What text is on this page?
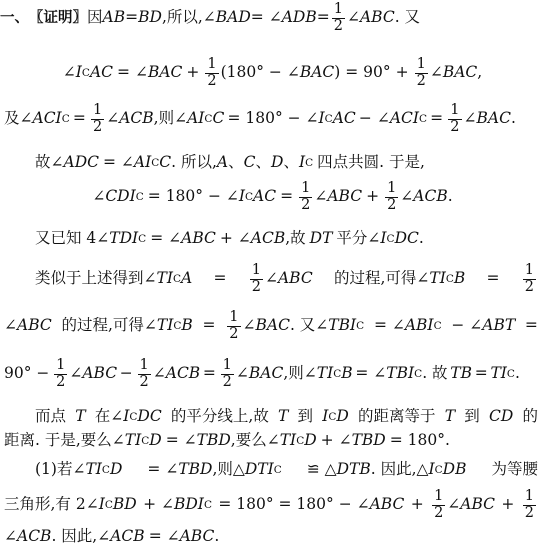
一、 〖证明〗 因 AB = BD ,所以,∠ BAD = ∠ ADB = $\frac{1}{2}$ ∠ ABC . 又
∠ I C AC = ∠ BAC + $\frac{1}{2} (180^\circ$ − ∠ BAC ) = $90^\circ + \frac{1}{2}$ ∠ BAC ,
及∠ ACI $C = \frac{1}{2}$ ∠ ACB ,则∠ AI C C = 180° − ∠ I C AC − ∠ ACI $C = \frac{1}{2}$ ∠ BAC .
故∠ ADC = ∠ AI C C . 所以, A 、 C 、 D 、 I C 四点共圆. 于是,
∠ CDI C = 180° − ∠ I C AC = $\frac{1}{2}$ ∠ ABC + $\frac{1}{2}$ ∠ ACB .
又已知 4∠ TDI C = ∠ ABC + ∠ ACB ,故 DT 平分∠ I C DC .
类似于上述得到∠ TI C $A = \frac{1}{2}$ ∠ ABC 的过程,可得∠ TI C $B = \frac{1}{2}$
∠ ABC 的过程,可得∠ TI C $B = \frac{1}{2}$ ∠ BAC . 又∠ TBI C = ∠ ABI C − ∠ ABT =
$90^\circ - \frac{1}{2}$ ∠ ABC − $\frac{1}{2}$ ∠ ACB = $\frac{1}{2}$ ∠ BAC ,则∠ TI C B = ∠ TBI C . 故 TB = TI C .
而点 T 在∠ I C DC 的平分线上,故 T 到 I C D 的距离等于 T 到 CD 的
距离. 于是,要么∠ TI C D = ∠ TBD ,要么∠ TI C D + ∠ TBD = 180°.
(1)若∠ TI C D = ∠ TBD ,则△ DTI C ≌ △ DTB . 因此,△ I C DB 为等腰
三角形,有 2∠ I C BD + ∠ BDI C = 180° = 180° − ∠ ABC + $\frac{1}{2}$ ∠ ABC + $\frac{1}{2}$
∠ ACB . 因此,∠ ACB = ∠ ABC .
